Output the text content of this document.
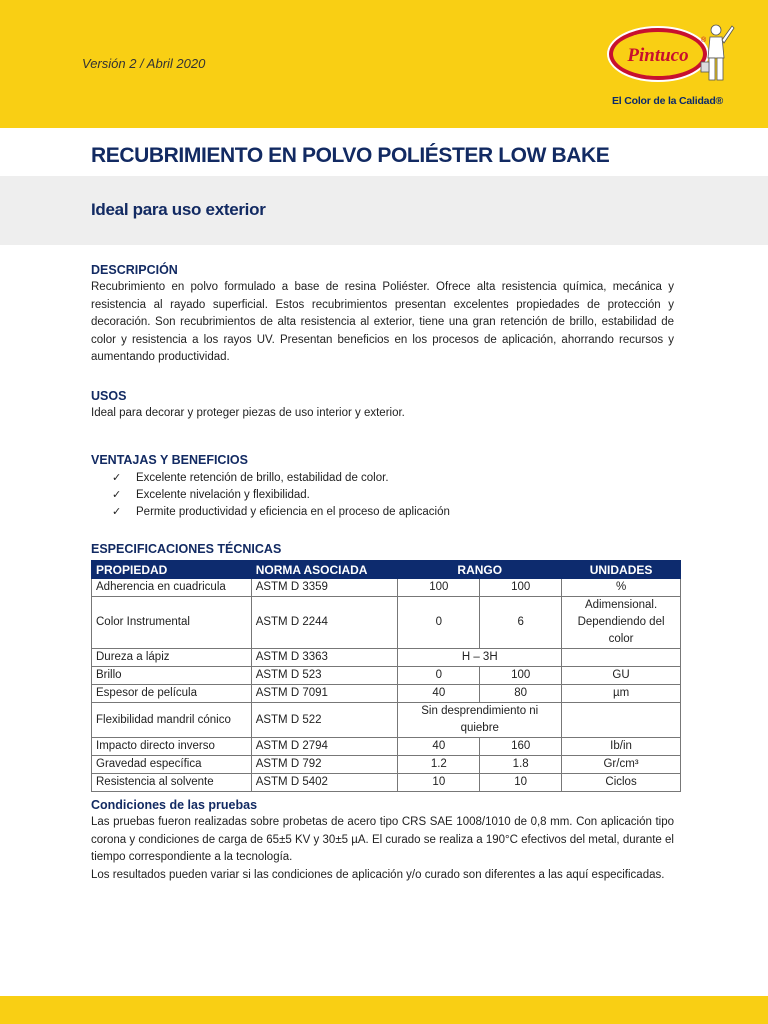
Versión 2 / Abril 2020	Pintuco
®
El Color de la Calidad®
RECUBRIMIENTO EN POLVO POLIÉSTER LOW BAKE
Ideal para uso exterior
DESCRIPCIÓN
Recubrimiento en polvo formulado a base de resina Poliéster. Ofrece alta resistencia química, mecánica y resistencia al rayado superficial. Estos recubrimientos presentan excelentes propiedades de protección y decoración. Son recubrimientos de alta resistencia al exterior, tiene una gran retención de brillo, estabilidad de color y resistencia a los rayos UV. Presentan beneficios en los procesos de aplicación, ahorrando recursos y aumentando productividad.
USOS
Ideal para decorar y proteger piezas de uso interior y exterior.
VENTAJAS Y BENEFICIOS
✓ Excelente retención de brillo, estabilidad de color.
✓ Excelente nivelación y flexibilidad.
✓ Permite productividad y eficiencia en el proceso de aplicación
ESPECIFICACIONES TÉCNICAS
PROPIEDAD	NORMA ASOCIADA	RANGO		UNIDADES
Adherencia en cuadricula	ASTM D 3359	100	100	%
Color Instrumental	ASTM D 2244	0	6	Adimensional.
Dependiendo del color

Dureza a lápiz	ASTM D 3363	H – 3H		
Brillo	ASTM D 523	0	100	GU
Espesor de película	ASTM D 7091	40	80	µm
Flexibilidad mandril cónico	ASTM D 522	Sin desprendimiento ni
quiebre		

Impacto directo inverso	ASTM D 2794	40	160	Ib/in
Gravedad específica	ASTM D 792	1.2	1.8	Gr/cm³
Resistencia al solvente	ASTM D 5402	10	10	Ciclos
Condiciones de las pruebas
Las pruebas fueron realizadas sobre probetas de acero tipo CRS SAE 1008/1010 de 0,8 mm. Con aplicación tipo corona y condiciones de carga de 65±5 KV y 30±5 µA. El curado se realiza a 190°C efectivos del metal, durante el tiempo correspondiente a la tecnología.
Los resultados pueden variar si las condiciones de aplicación y/o curado son diferentes a las aquí especificadas.
